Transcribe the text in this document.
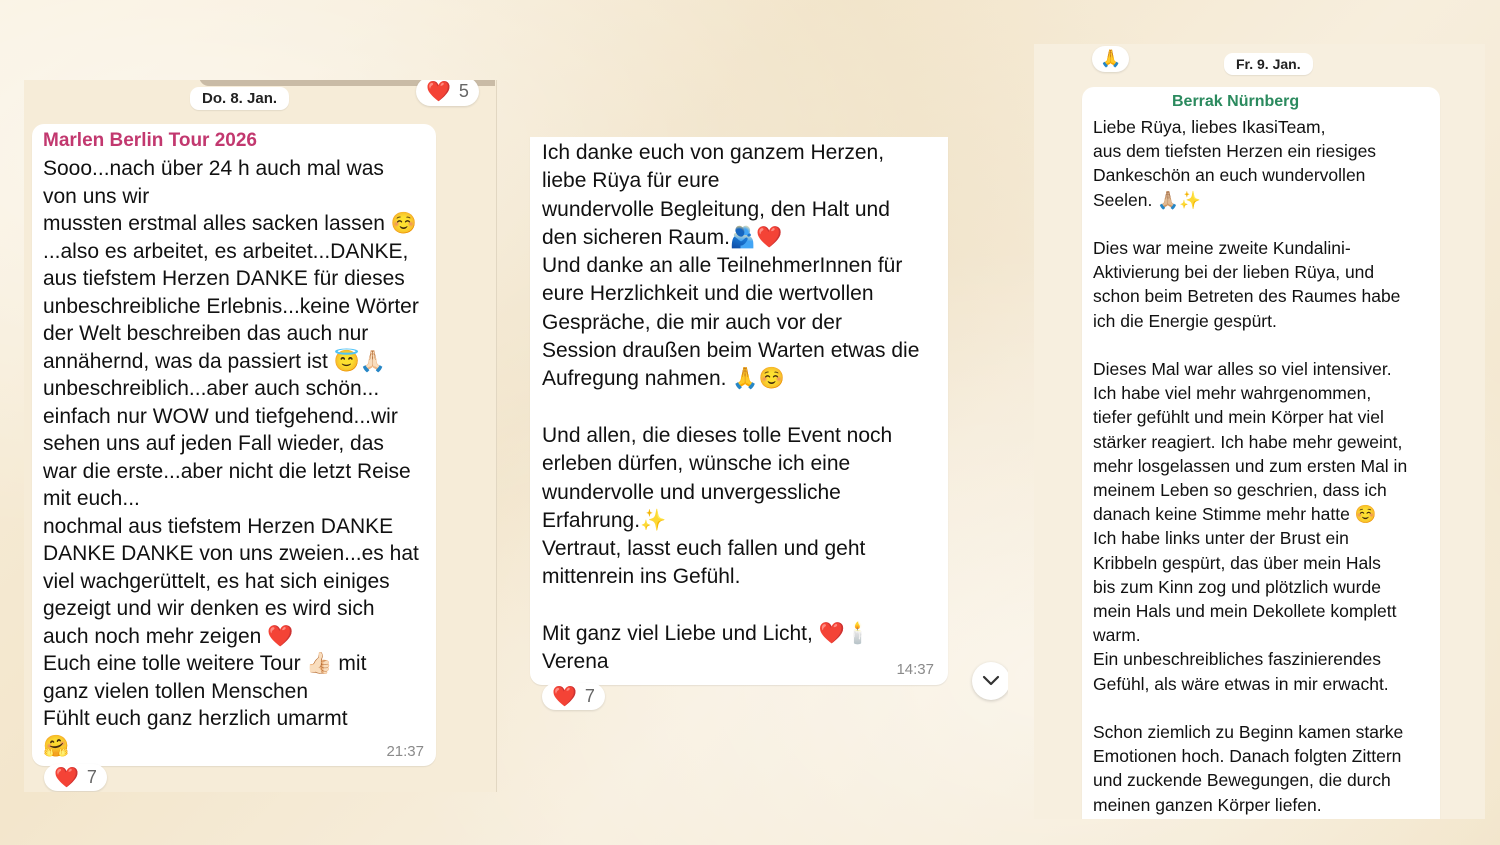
Do. 8. Jan.	❤️ 5
Marlen Berlin Tour 2026

Sooo...nach über 24 h auch mal was
von uns wir
mussten erstmal alles sacken lassen ☺️
...also es arbeitet, es arbeitet...DANKE,
aus tiefstem Herzen DANKE für dieses
unbeschreibliche Erlebnis...keine Wörter
der Welt beschreiben das auch nur
annähernd, was da passiert ist 😇🙏🏻
unbeschreiblich...aber auch schön...
einfach nur WOW und tiefgehend...wir
sehen uns auf jeden Fall wieder, das
war die erste...aber nicht die letzt Reise
mit euch...
nochmal aus tiefstem Herzen DANKE
DANKE DANKE von uns zweien...es hat
viel wachgerüttelt, es hat sich einiges
gezeigt und wir denken es wird sich
auch noch mehr zeigen ❤️
Euch eine tolle weitere Tour 👍🏻 mit
ganz vielen tollen Menschen
Fühlt euch ganz herzlich umarmt
🤗	21:37
❤️ 7

Ich danke euch von ganzem Herzen,
liebe Rüya für eure
wundervolle Begleitung, den Halt und
den sicheren Raum.🫂❤️
Und danke an alle TeilnehmerInnen für
eure Herzlichkeit und die wertvollen
Gespräche, die mir auch vor der
Session draußen beim Warten etwas die
Aufregung nahmen. 🙏☺️

Und allen, die dieses tolle Event noch
erleben dürfen, wünsche ich eine
wundervolle und unvergessliche
Erfahrung.✨
Vertraut, lasst euch fallen und geht
mittenrein ins Gefühl.

Mit ganz viel Liebe und Licht, ❤️🕯️
Verena	14:37
❤️ 7
🙏	Fr. 9. Jan.
Berrak Nürnberg

Liebe Rüya, liebes IkasiTeam,
aus dem tiefsten Herzen ein riesiges
Dankeschön an euch wundervollen
Seelen. 🙏🏼✨

Dies war meine zweite Kundalini-
Aktivierung bei der lieben Rüya, und
schon beim Betreten des Raumes habe
ich die Energie gespürt.

Dieses Mal war alles so viel intensiver.
Ich habe viel mehr wahrgenommen,
tiefer gefühlt und mein Körper hat viel
stärker reagiert. Ich habe mehr geweint,
mehr losgelassen und zum ersten Mal in
meinem Leben so geschrien, dass ich
danach keine Stimme mehr hatte ☺️
Ich habe links unter der Brust ein
Kribbeln gespürt, das über mein Hals
bis zum Kinn zog und plötzlich wurde
mein Hals und mein Dekollete komplett
warm.
Ein unbeschreibliches faszinierendes
Gefühl, als wäre etwas in mir erwacht.

Schon ziemlich zu Beginn kamen starke
Emotionen hoch. Danach folgten Zittern
und zuckende Bewegungen, die durch
meinen ganzen Körper liefen.
